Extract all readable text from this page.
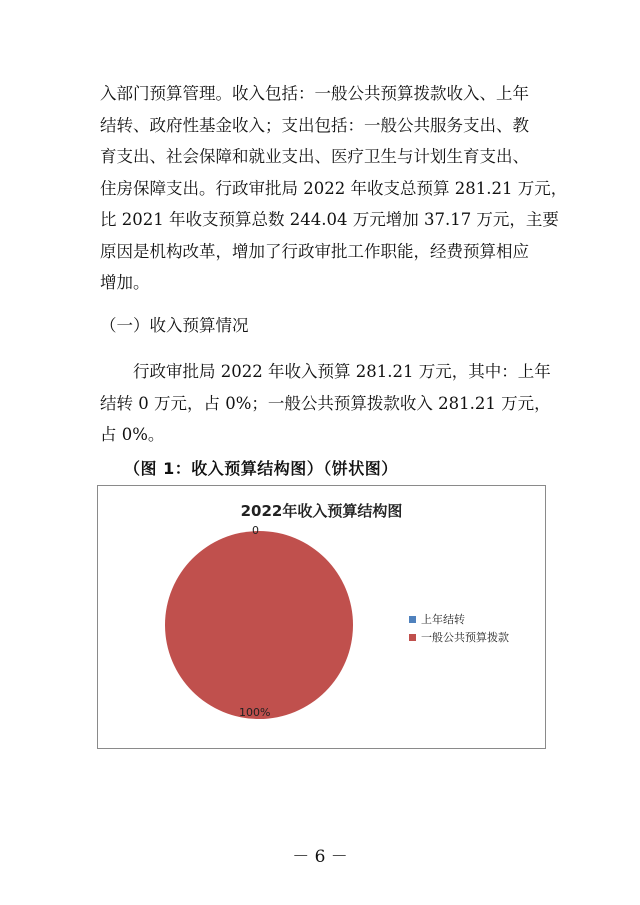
入部门预算管理。收入包括：一般公共预算拨款收入、上年

结转、政府性基金收入；支出包括：一般公共服务支出、教

育支出、社会保障和就业支出、医疗卫生与计划生育支出、

住房保障支出。行政审批局 2022 年收支总预算 281.21 万元，

比 2021 年收支预算总数 244.04 万元增加 37.17 万元，主要

原因是机构改革，增加了行政审批工作职能，经费预算相应

增加。

（一）收入预算情况

　　行政审批局 2022 年收入预算 281.21 万元，其中：上年

结转 0 万元，占 0%；一般公共预算拨款收入 281.21 万元，

占 0%。

（图 1：收入预算结构图）（饼状图）
2022年收入预算结构图
0
100%
上年结转
一般公共预算拨款
－ 6 －
